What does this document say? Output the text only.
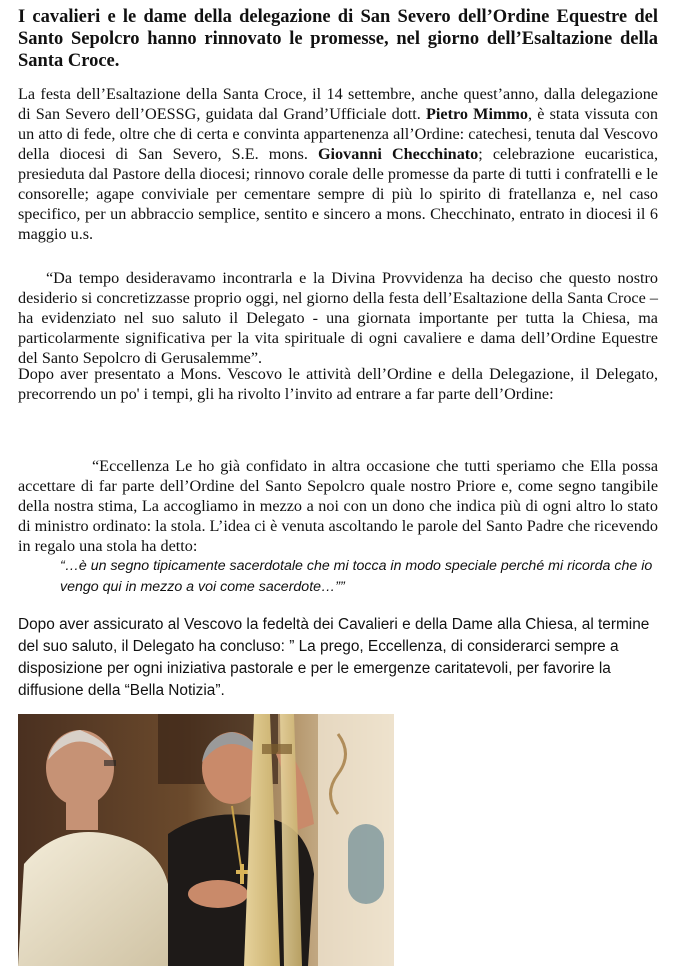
I cavalieri e le dame della delegazione di San Severo dell’Ordine Equestre del Santo Sepolcro hanno rinnovato le promesse, nel giorno dell’Esaltazione della Santa Croce.
La festa dell’Esaltazione della Santa Croce, il 14 settembre, anche quest’anno, dalla delegazione di San Severo dell’OESSG, guidata dal Grand’Ufficiale dott. Pietro Mimmo, è stata vissuta con un atto di fede, oltre che di certa e convinta appartenenza all’Ordine: catechesi, tenuta dal Vescovo della diocesi di San Severo, S.E. mons. Giovanni Checchinato; celebrazione eucaristica, presieduta dal Pastore della diocesi; rinnovo corale delle promesse da parte di tutti i confratelli e le consorelle; agape conviviale per cementare sempre di più lo spirito di fratellanza e, nel caso specifico, per un abbraccio semplice, sentito e sincero a mons. Checchinato, entrato in diocesi il 6 maggio u.s.
“Da tempo desideravamo incontrarla e la Divina Provvidenza ha deciso che questo nostro desiderio si concretizzasse proprio oggi, nel giorno della festa dell’Esaltazione della Santa Croce – ha evidenziato nel suo saluto il Delegato - una giornata importante per tutta la Chiesa, ma particolarmente significativa per la vita spirituale di ogni cavaliere e dama dell’Ordine Equestre del Santo Sepolcro di Gerusalemme”.
Dopo aver presentato a Mons. Vescovo le attività dell’Ordine e della Delegazione, il Delegato, precorrendo un po' i tempi, gli ha rivolto l’invito ad entrare a far parte dell’Ordine:
“Eccellenza Le ho già confidato in altra occasione che tutti speriamo che Ella possa accettare di far parte dell’Ordine del Santo Sepolcro quale nostro Priore e, come segno tangibile della nostra stima, La accogliamo in mezzo a noi con un dono che indica più di ogni altro lo stato di ministro ordinato: la stola. L’idea ci è venuta ascoltando le parole del Santo Padre che ricevendo in regalo una stola ha detto:
“…è un segno tipicamente sacerdotale che mi tocca in modo speciale perché mi ricorda che io vengo qui in mezzo a voi come sacerdote…””
Dopo aver assicurato al Vescovo la fedeltà dei Cavalieri e della Dame alla Chiesa, al termine del suo saluto, il Delegato ha concluso: ” La prego, Eccellenza, di considerarci sempre a disposizione per ogni iniziativa pastorale e per le emergenze caritatevoli, per favorire la diffusione della “Bella Notizia”.
